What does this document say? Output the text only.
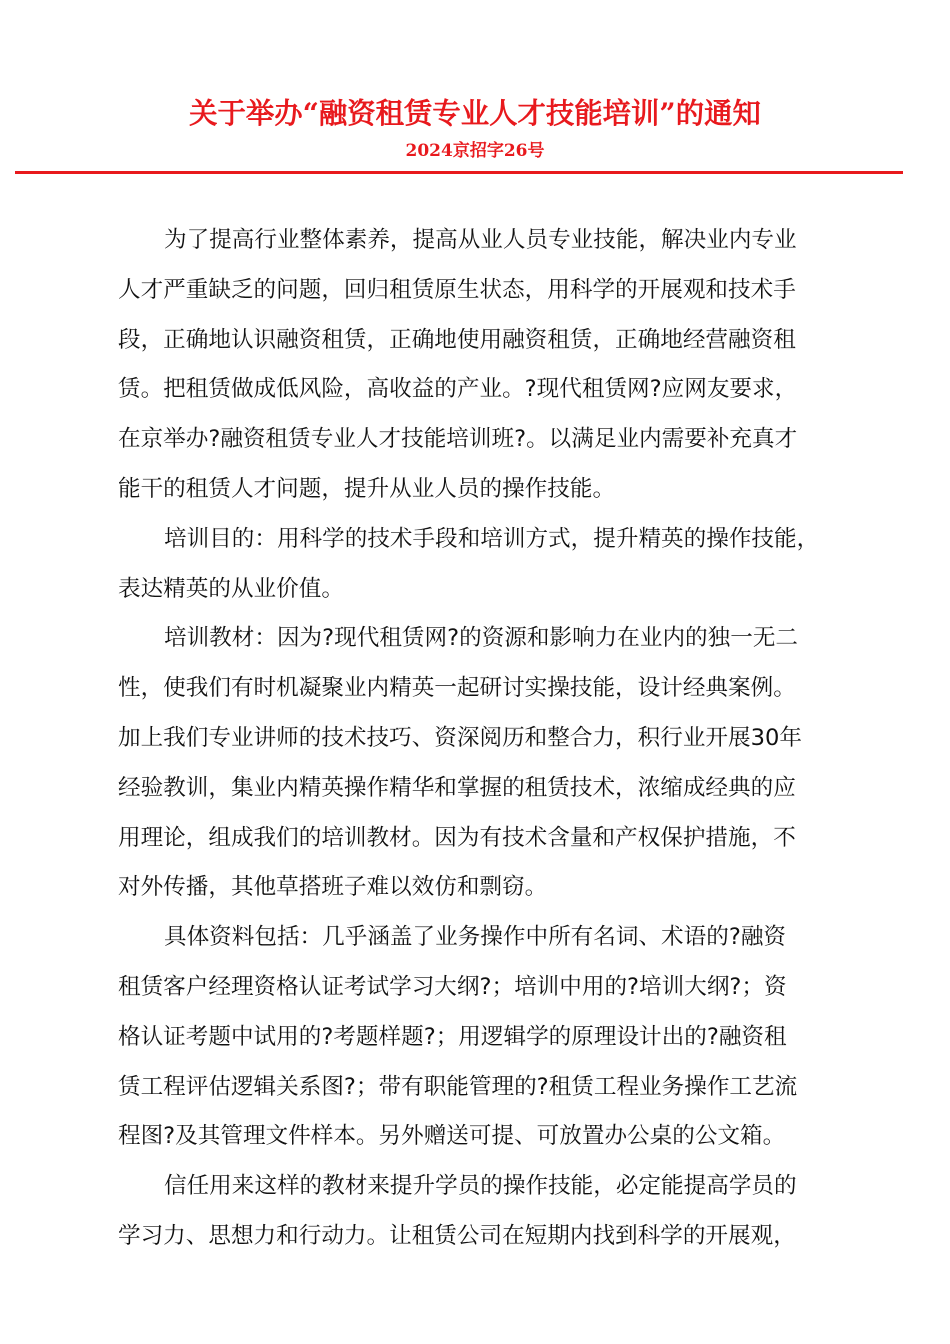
关于举办“融资租赁专业人才技能培训”的通知
2024京招字26号
为了提高行业整体素养，提高从业人员专业技能，解决业内专业
人才严重缺乏的问题，回归租赁原生状态，用科学的开展观和技术手
段，正确地认识融资租赁，正确地使用融资租赁，正确地经营融资租
赁。把租赁做成低风险，高收益的产业。?现代租赁网?应网友要求，
在京举办?融资租赁专业人才技能培训班?。以满足业内需要补充真才
能干的租赁人才问题，提升从业人员的操作技能。
培训目的：用科学的技术手段和培训方式，提升精英的操作技能，
表达精英的从业价值。
培训教材：因为?现代租赁网?的资源和影响力在业内的独一无二
性，使我们有时机凝聚业内精英一起研讨实操技能，设计经典案例。
加上我们专业讲师的技术技巧、资深阅历和整合力，积行业开展30年
经验教训，集业内精英操作精华和掌握的租赁技术，浓缩成经典的应
用理论，组成我们的培训教材。因为有技术含量和产权保护措施，不
对外传播，其他草搭班子难以效仿和剽窃。
具体资料包括：几乎涵盖了业务操作中所有名词、术语的?融资
租赁客户经理资格认证考试学习大纲?；培训中用的?培训大纲?；资
格认证考题中试用的?考题样题?；用逻辑学的原理设计出的?融资租
赁工程评估逻辑关系图?；带有职能管理的?租赁工程业务操作工艺流
程图?及其管理文件样本。另外赠送可提、可放置办公桌的公文箱。
信任用来这样的教材来提升学员的操作技能，必定能提高学员的
学习力、思想力和行动力。让租赁公司在短期内找到科学的开展观，
